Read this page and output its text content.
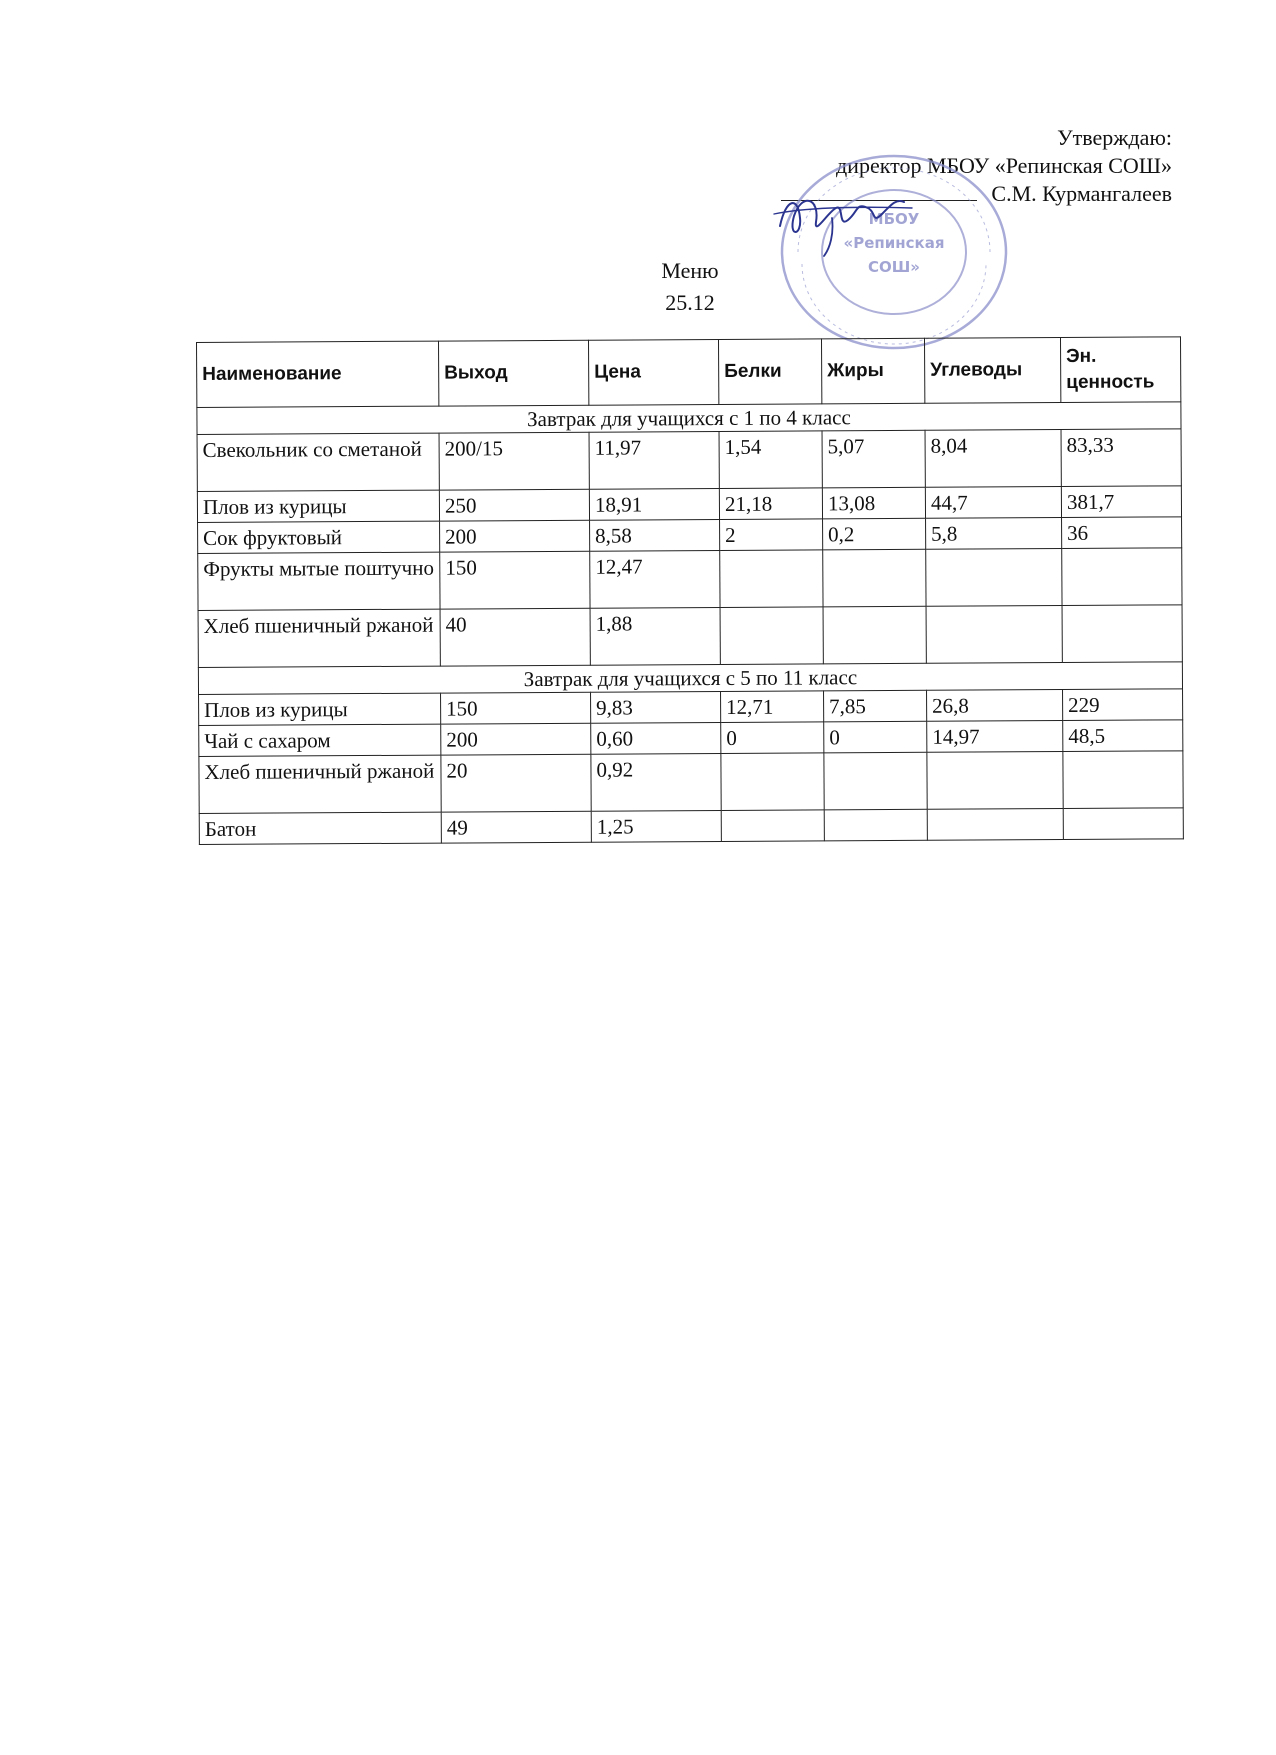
Утверждаю:
директор МБОУ «Репинская СОШ»
С.М. Курмангалеев
МБОУ
«Репинская
СОШ»
Меню
25.12
Наименование	Выход	Цена	Белки	Жиры	Углеводы	Эн. ценность
Завтрак для учащихся с 1 по 4 класс						
Свекольник со сметаной	200/15	11,97	1,54	5,07	8,04	83,33
Плов из курицы	250	18,91	21,18	13,08	44,7	381,7
Сок фруктовый	200	8,58	2	0,2	5,8	36
Фрукты мытые поштучно	150	12,47				
Хлеб пшеничный ржаной	40	1,88				
Завтрак для учащихся с 5 по 11 класс						
Плов из курицы	150	9,83	12,71	7,85	26,8	229
Чай с сахаром	200	0,60	0	0	14,97	48,5
Хлеб пшеничный ржаной	20	0,92				
Батон	49	1,25				
